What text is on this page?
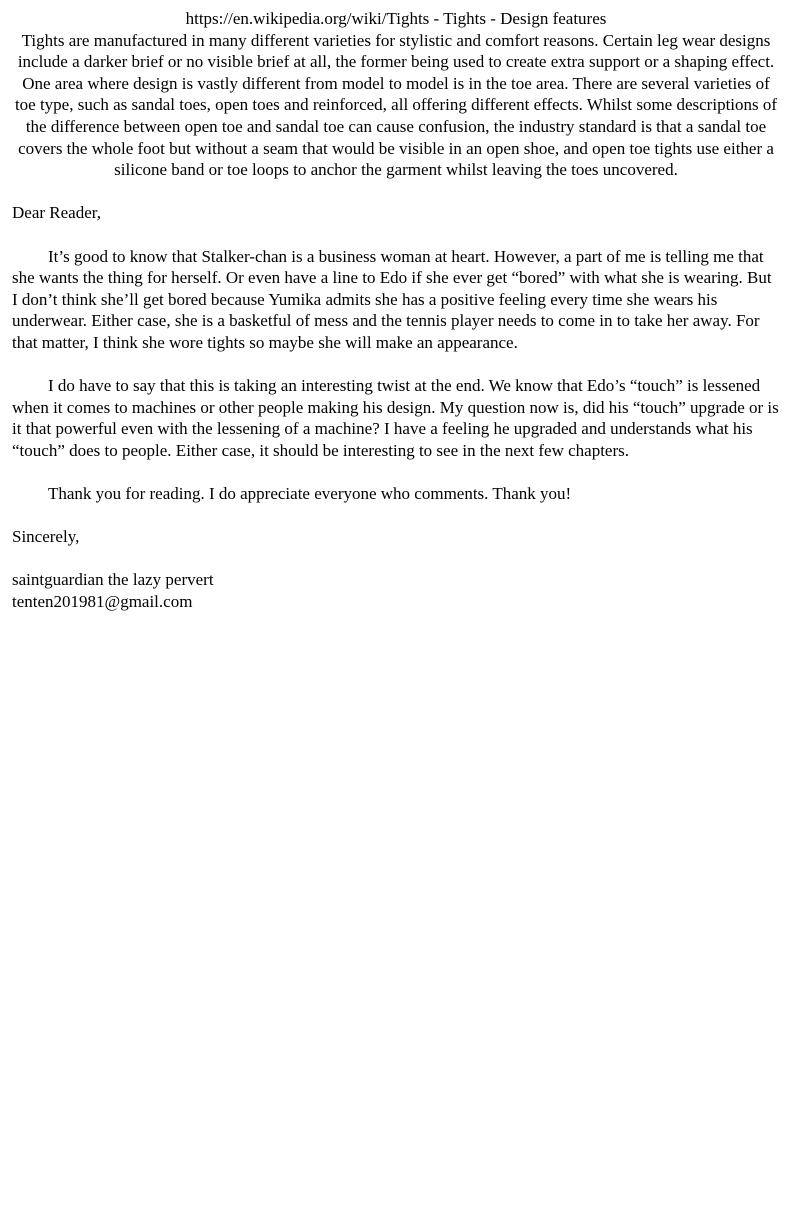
https://en.wikipedia.org/wiki/Tights - Tights - Design features

Tights are manufactured in many different varieties for stylistic and comfort reasons. Certain leg wear designs include a darker brief or no visible brief at all, the former being used to create extra support or a shaping effect.

One area where design is vastly different from model to model is in the toe area. There are several varieties of toe type, such as sandal toes, open toes and reinforced, all offering different effects. Whilst some descriptions of the difference between open toe and sandal toe can cause confusion, the industry standard is that a sandal toe covers the whole foot but without a seam that would be visible in an open shoe, and open toe tights use either a silicone band or toe loops to anchor the garment whilst leaving the toes uncovered.

Dear Reader,

It’s good to know that Stalker-chan is a business woman at heart. However, a part of me is telling me that she wants the thing for herself. Or even have a line to Edo if she ever get “bored” with what she is wearing. But I don’t think she’ll get bored because Yumika admits she has a positive feeling every time she wears his underwear. Either case, she is a basketful of mess and the tennis player needs to come in to take her away. For that matter, I think she wore tights so maybe she will make an appearance.

I do have to say that this is taking an interesting twist at the end. We know that Edo’s “touch” is lessened when it comes to machines or other people making his design. My question now is, did his “touch” upgrade or is it that powerful even with the lessening of a machine? I have a feeling he upgraded and understands what his “touch” does to people. Either case, it should be interesting to see in the next few chapters.

Thank you for reading. I do appreciate everyone who comments. Thank you!

Sincerely,

saintguardian the lazy pervert

tenten201981@gmail.com
